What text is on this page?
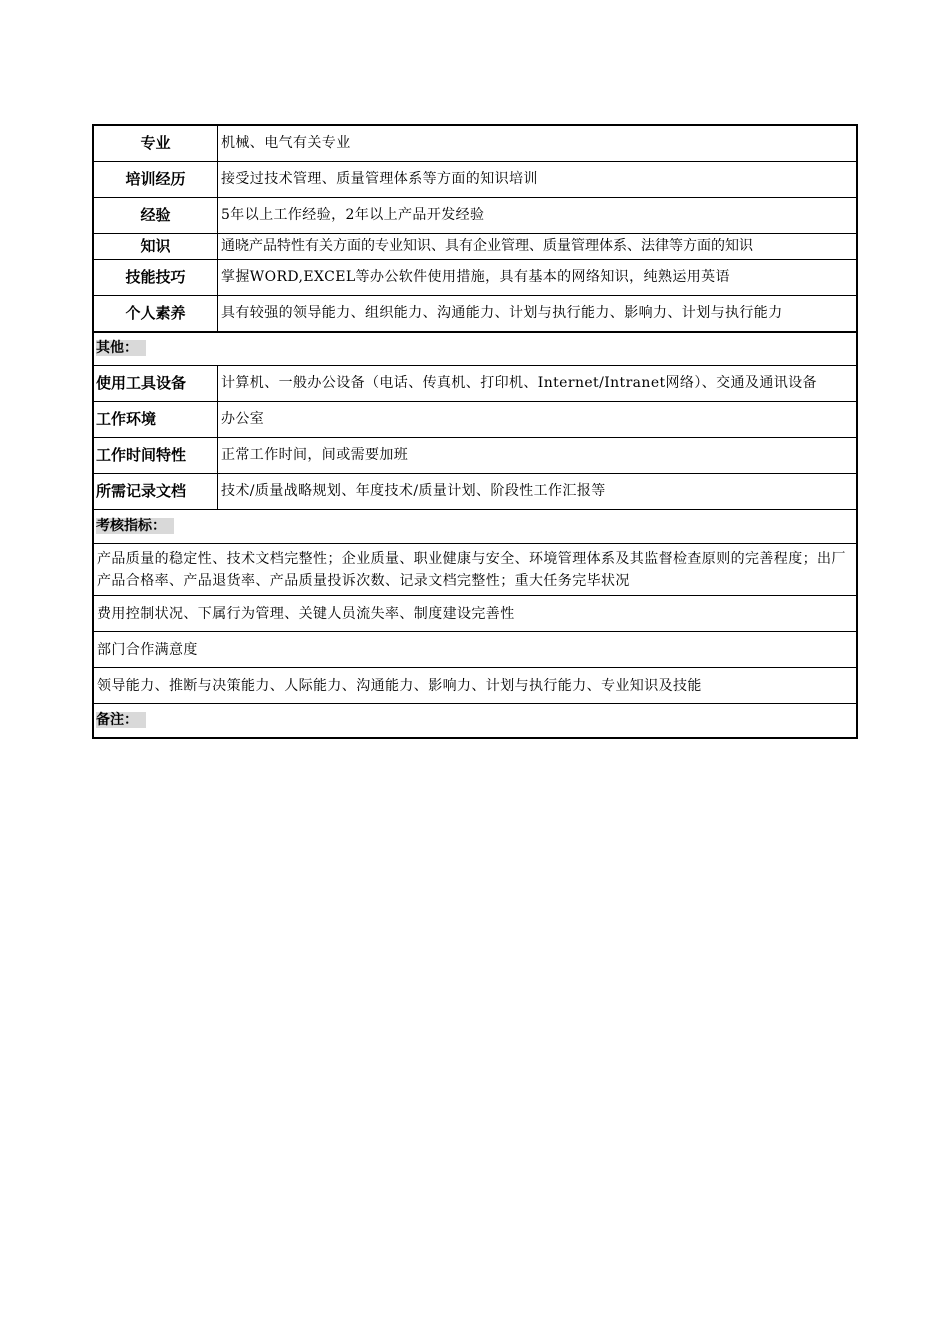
专业	机械、电气有关专业
培训经历	接受过技术管理、质量管理体系等方面的知识培训
经验	5年以上工作经验，2年以上产品开发经验
知识	通晓产品特性有关方面的专业知识、具有企业管理、质量管理体系、法律等方面的知识
技能技巧	掌握WORD,EXCEL等办公软件使用措施，具有基本的网络知识，纯熟运用英语
个人素养	具有较强的领导能力、组织能力、沟通能力、计划与执行能力、影响力、计划与执行能力
其他：	
使用工具设备	计算机、一般办公设备（电话、传真机、打印机、Internet/Intranet网络）、交通及通讯设备
工作环境	办公室
工作时间特性	正常工作时间，间或需要加班
所需记录文档	技术/质量战略规划、年度技术/质量计划、阶段性工作汇报等
考核指标：	
产品质量的稳定性、技术文档完整性；企业质量、职业健康与安全、环境管理体系及其监督检查原则的完善程度；出厂产品合格率、产品退货率、产品质量投诉次数、记录文档完整性；重大任务完毕状况	
费用控制状况、下属行为管理、关键人员流失率、制度建设完善性	
部门合作满意度	
领导能力、推断与决策能力、人际能力、沟通能力、影响力、计划与执行能力、专业知识及技能	
备注：	
